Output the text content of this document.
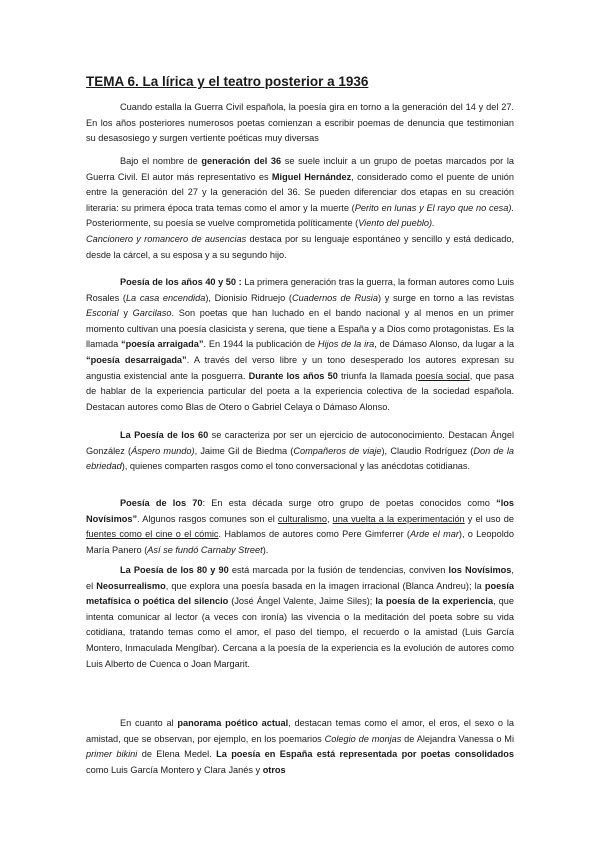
TEMA 6. La lírica y el teatro posterior a 1936

Cuando estalla la Guerra Civil española, la poesía gira en torno a la generación del 14 y del 27. En los años posteriores numerosos poetas comienzan a escribir poemas de denuncia que testimonian su desasosiego y surgen vertiente poéticas muy diversas

Bajo el nombre de generación del 36 se suele incluir a un grupo de poetas marcados por la Guerra Civil. El autor más representativo es Miguel Hernández, considerado como el puente de unión entre la generación del 27 y la generación del 36. Se pueden diferenciar dos etapas en su creación literaria: su primera época trata temas como el amor y la muerte (Perito en lunas y El rayo que no cesa). Posteriormente, su poesía se vuelve comprometida políticamente (Viento del pueblo).
Cancionero y romancero de ausencias destaca por su lenguaje espontáneo y sencillo y está dedicado, desde la cárcel, a su esposa y a su segundo hijo.

Poesía de los años 40 y 50 : La primera generación tras la guerra, la forman autores como Luis Rosales (La casa encendida), Dionisio Ridruejo (Cuadernos de Rusia) y surge en torno a las revistas Escorial y Garcilaso. Son poetas que han luchado en el bando nacional y al menos en un primer momento cultivan una poesía clasicista y serena, que tiene a España y a Dios como protagonistas. Es la llamada “poesía arraigada”. En 1944 la publicación de Hijos de la ira, de Dámaso Alonso, da lugar a la “poesía desarraigada”. A través del verso libre y un tono desesperado los autores expresan su angustia existencial ante la posguerra. Durante los años 50 triunfa la llamada poesía social, que pasa de hablar de la experiencia particular del poeta a la experiencia colectiva de la sociedad española. Destacan autores como Blas de Otero o Gabriel Celaya o Dámaso Alonso.

La Poesía de los 60 se caracteriza por ser un ejercicio de autoconocimiento. Destacan Ángel González (Áspero mundo), Jaime Gil de Biedma (Compañeros de viaje), Claudio Rodríguez (Don de la ebriedad), quienes comparten rasgos como el tono conversacional y las anécdotas cotidianas.

Poesía de los 70: En esta década surge otro grupo de poetas conocidos como “los Novísimos”. Algunos rasgos comunes son el culturalismo, una vuelta a la experimentación y el uso de fuentes como el cine o el cómic. Hablamos de autores como Pere Gimferrer (Arde el mar), o Leopoldo María Panero (Así se fundó Carnaby Street).

La Poesía de los 80 y 90 está marcada por la fusión de tendencias, conviven los Novísimos, el Neosurrealismo, que explora una poesía basada en la imagen irracional (Blanca Andreu); la poesía metafísica o poética del silencio (José Ángel Valente, Jaime Siles); la poesía de la experiencia, que intenta comunicar al lector (a veces con ironía) las vivencia o la meditación del poeta sobre su vida cotidiana, tratando temas como el amor, el paso del tiempo, el recuerdo o la amistad (Luis García Montero, Inmaculada Mengíbar). Cercana a la poesía de la experiencia es la evolución de autores como Luis Alberto de Cuenca o Joan Margarit.

En cuanto al panorama poético actual, destacan temas como el amor, el eros, el sexo o la amistad, que se observan, por ejemplo, en los poemarios Colegio de monjas de Alejandra Vanessa o Mi primer bikini de Elena Medel. La poesía en España está representada por poetas consolidados como Luis García Montero y Clara Janés y otros
